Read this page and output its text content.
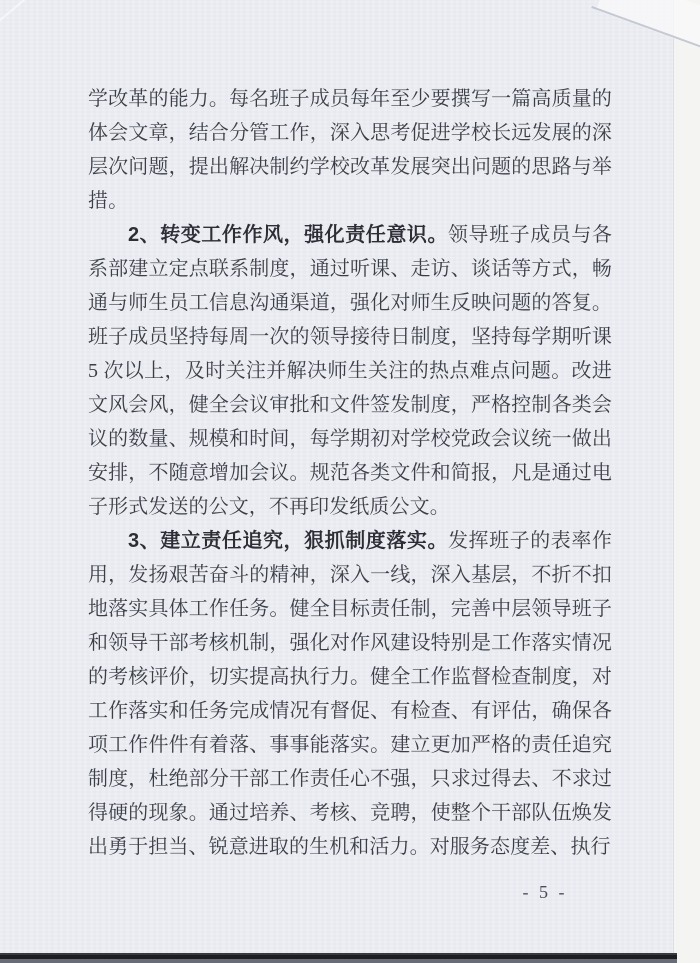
学改革的能力。每名班子成员每年至少要撰写一篇高质量的体会文章，结合分管工作，深入思考促进学校长远发展的深层次问题，提出解决制约学校改革发展突出问题的思路与举措。

2、转变工作作风，强化责任意识。领导班子成员与各系部建立定点联系制度，通过听课、走访、谈话等方式，畅通与师生员工信息沟通渠道，强化对师生反映问题的答复。班子成员坚持每周一次的领导接待日制度，坚持每学期听课 5 次以上，及时关注并解决师生关注的热点难点问题。改进文风会风，健全会议审批和文件签发制度，严格控制各类会议的数量、规模和时间，每学期初对学校党政会议统一做出安排，不随意增加会议。规范各类文件和简报，凡是通过电子形式发送的公文，不再印发纸质公文。

3、建立责任追究，狠抓制度落实。发挥班子的表率作用，发扬艰苦奋斗的精神，深入一线，深入基层，不折不扣地落实具体工作任务。健全目标责任制，完善中层领导班子和领导干部考核机制，强化对作风建设特别是工作落实情况的考核评价，切实提高执行力。健全工作监督检查制度，对工作落实和任务完成情况有督促、有检查、有评估，确保各项工作件件有着落、事事能落实。建立更加严格的责任追究制度，杜绝部分干部工作责任心不强，只求过得去、不求过得硬的现象。通过培养、考核、竞聘，使整个干部队伍焕发出勇于担当、锐意进取的生机和活力。对服务态度差、执行

- 5 -
